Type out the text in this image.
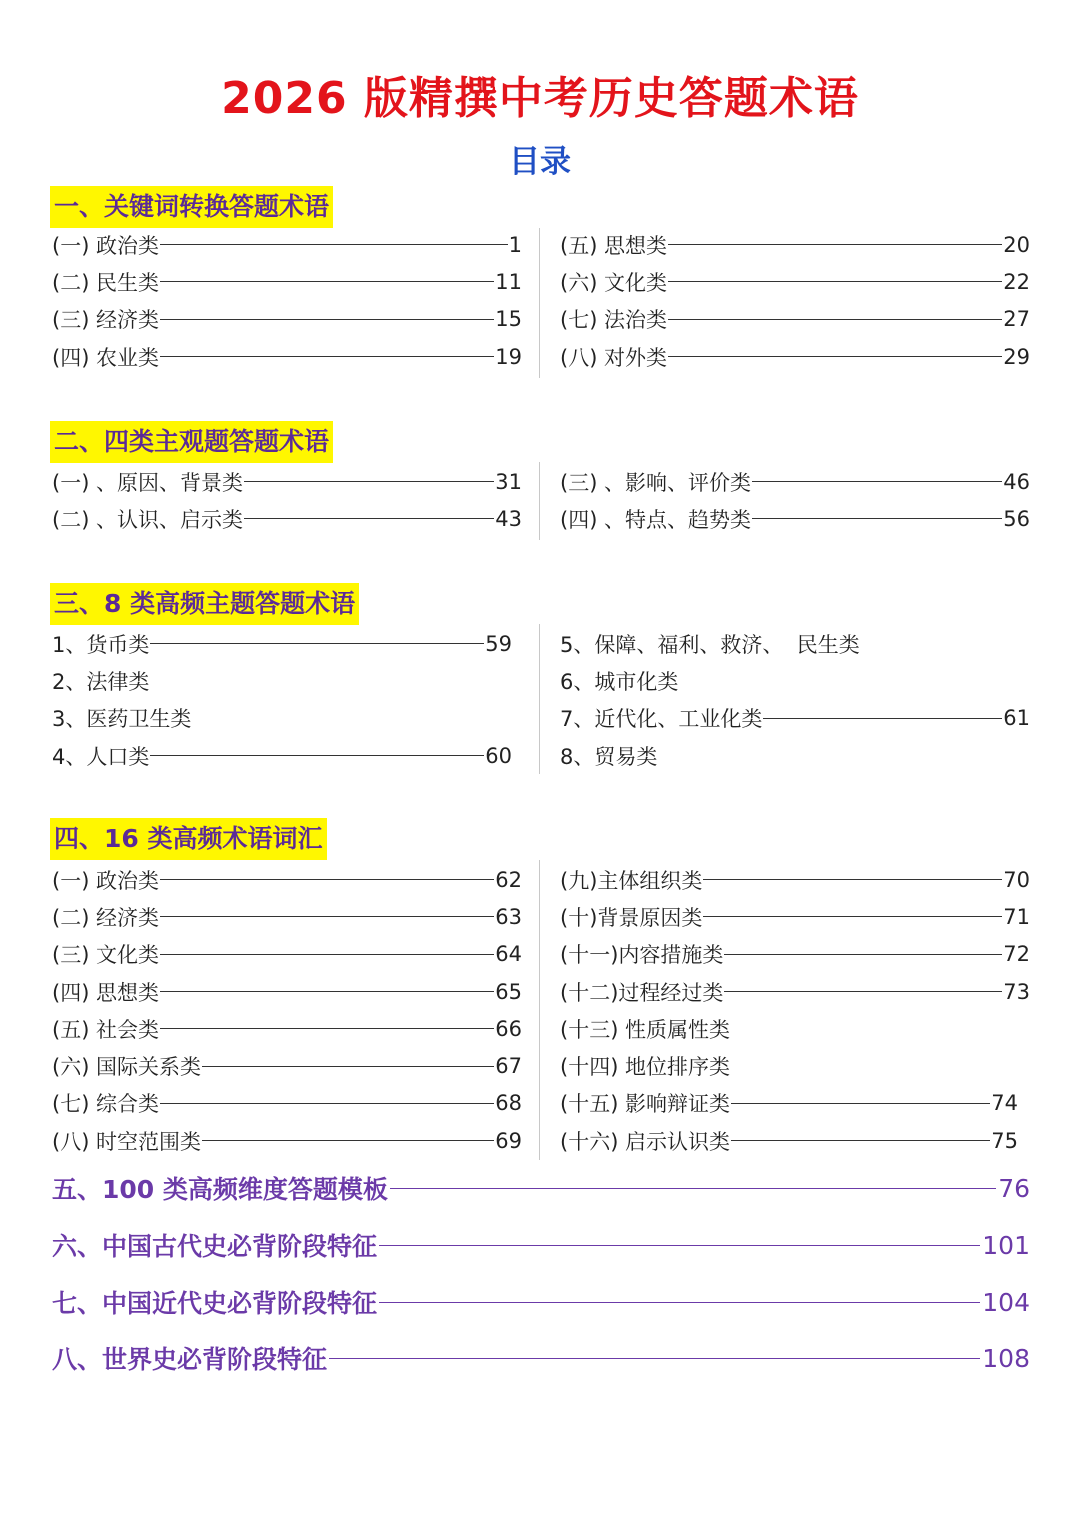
2026 版精撰中考历史答题术语
目录
一、关键词转换答题术语
(一) 政治类	1
(二) 民生类	11
(三) 经济类	15
(四) 农业类	19
(五) 思想类	20
(六) 文化类	22
(七) 法治类	27
(八) 对外类	29
二、四类主观题答题术语
(一) 、原因、背景类	31
(二) 、认识、启示类	43
(三) 、影响、评价类	46
(四) 、特点、趋势类	56
三、8 类高频主题答题术语
1、货币类	59
2、法律类
3、医药卫生类
4、人口类	60
5、保障、福利、救济、  民生类
6、城市化类
7、近代化、工业化类	61
8、贸易类
四、16 类高频术语词汇
(一) 政治类	62
(二) 经济类	63
(三) 文化类	64
(四) 思想类	65
(五) 社会类	66
(六) 国际关系类	67
(七) 综合类	68
(八) 时空范围类	69
(九)主体组织类	70
(十)背景原因类	71
(十一)内容措施类	72
(十二)过程经过类	73
(十三) 性质属性类
(十四) 地位排序类
(十五) 影响辩证类	74
(十六) 启示认识类	75
五、100 类高频维度答题模板	76
六、中国古代史必背阶段特征	101
七、中国近代史必背阶段特征	104
八、世界史必背阶段特征	108
